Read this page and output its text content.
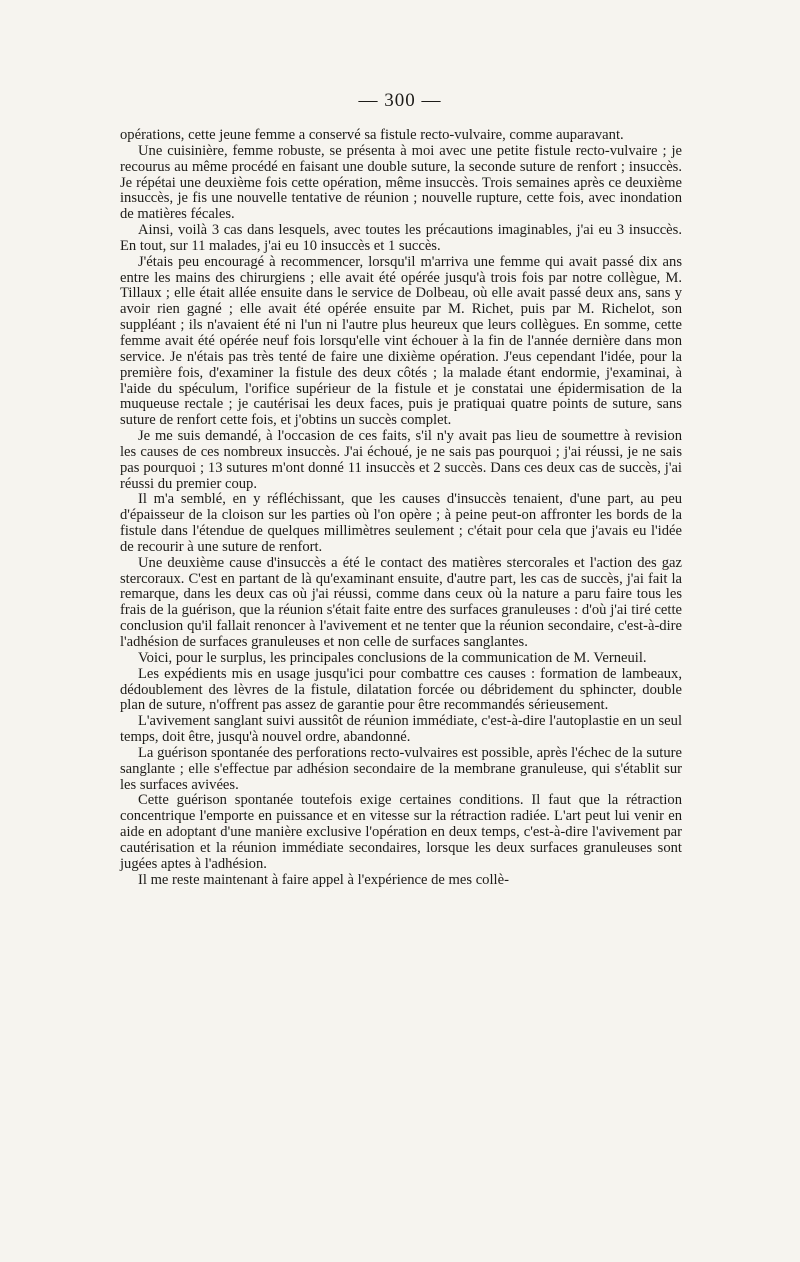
— 300 —

opérations, cette jeune femme a conservé sa fistule recto-vulvaire, comme auparavant.

Une cuisinière, femme robuste, se présenta à moi avec une petite fistule recto-vulvaire ; je recourus au même procédé en faisant une double suture, la seconde suture de renfort ; insuccès. Je répétai une deuxième fois cette opération, même insuccès. Trois semaines après ce deuxième insuccès, je fis une nouvelle tentative de réunion ; nouvelle rupture, cette fois, avec inondation de matières fécales.

Ainsi, voilà 3 cas dans lesquels, avec toutes les précautions imaginables, j'ai eu 3 insuccès. En tout, sur 11 malades, j'ai eu 10 insuccès et 1 succès.

J'étais peu encouragé à recommencer, lorsqu'il m'arriva une femme qui avait passé dix ans entre les mains des chirurgiens ; elle avait été opérée jusqu'à trois fois par notre collègue, M. Tillaux ; elle était allée ensuite dans le service de Dolbeau, où elle avait passé deux ans, sans y avoir rien gagné ; elle avait été opérée ensuite par M. Richet, puis par M. Richelot, son suppléant ; ils n'avaient été ni l'un ni l'autre plus heureux que leurs collègues. En somme, cette femme avait été opérée neuf fois lorsqu'elle vint échouer à la fin de l'année dernière dans mon service. Je n'étais pas très tenté de faire une dixième opération. J'eus cependant l'idée, pour la première fois, d'examiner la fistule des deux côtés ; la malade étant endormie, j'examinai, à l'aide du spéculum, l'orifice supérieur de la fistule et je constatai une épidermisation de la muqueuse rectale ; je cautérisai les deux faces, puis je pratiquai quatre points de suture, sans suture de renfort cette fois, et j'obtins un succès complet.

Je me suis demandé, à l'occasion de ces faits, s'il n'y avait pas lieu de soumettre à revision les causes de ces nombreux insuccès. J'ai échoué, je ne sais pas pourquoi ; j'ai réussi, je ne sais pas pourquoi ; 13 sutures m'ont donné 11 insuccès et 2 succès. Dans ces deux cas de succès, j'ai réussi du premier coup.

Il m'a semblé, en y réfléchissant, que les causes d'insuccès tenaient, d'une part, au peu d'épaisseur de la cloison sur les parties où l'on opère ; à peine peut-on affronter les bords de la fistule dans l'étendue de quelques millimètres seulement ; c'était pour cela que j'avais eu l'idée de recourir à une suture de renfort.

Une deuxième cause d'insuccès a été le contact des matières stercorales et l'action des gaz stercoraux. C'est en partant de là qu'examinant ensuite, d'autre part, les cas de succès, j'ai fait la remarque, dans les deux cas où j'ai réussi, comme dans ceux où la nature a paru faire tous les frais de la guérison, que la réunion s'était faite entre des surfaces granuleuses : d'où j'ai tiré cette conclusion qu'il fallait renoncer à l'avivement et ne tenter que la réunion secondaire, c'est-à-dire l'adhésion de surfaces granuleuses et non celle de surfaces sanglantes.

Voici, pour le surplus, les principales conclusions de la communication de M. Verneuil.

Les expédients mis en usage jusqu'ici pour combattre ces causes : formation de lambeaux, dédoublement des lèvres de la fistule, dilatation forcée ou débridement du sphincter, double plan de suture, n'offrent pas assez de garantie pour être recommandés sérieusement.

L'avivement sanglant suivi aussitôt de réunion immédiate, c'est-à-dire l'autoplastie en un seul temps, doit être, jusqu'à nouvel ordre, abandonné.

La guérison spontanée des perforations recto-vulvaires est possible, après l'échec de la suture sanglante ; elle s'effectue par adhésion secondaire de la membrane granuleuse, qui s'établit sur les surfaces avivées.

Cette guérison spontanée toutefois exige certaines conditions. Il faut que la rétraction concentrique l'emporte en puissance et en vitesse sur la rétraction radiée. L'art peut lui venir en aide en adoptant d'une manière exclusive l'opération en deux temps, c'est-à-dire l'avivement par cautérisation et la réunion immédiate secondaires, lorsque les deux surfaces granuleuses sont jugées aptes à l'adhésion.

Il me reste maintenant à faire appel à l'expérience de mes collè-
